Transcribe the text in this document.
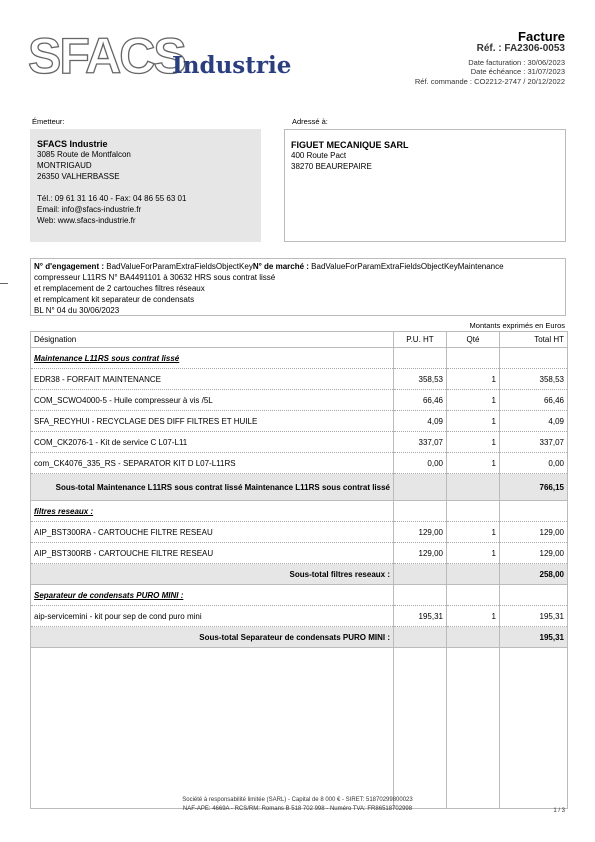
SFACS
Industrie
Facture
Réf. : FA2306-0053
Date facturation : 30/06/2023
Date échéance : 31/07/2023
Réf. commande : CO2212-2747 / 20/12/2022
Émetteur:	Adressé à:
SFACS Industrie
3085 Route de Montfalcon
MONTRIGAUD
26350 VALHERBASSE
Tél.: 09 61 31 16 40 - Fax: 04 86 55 63 01
Email: info@sfacs-industrie.fr
Web: www.sfacs-industrie.fr
FIGUET MECANIQUE SARL
400 Route Pact
38270 BEAUREPAIRE
N° d'engagement : BadValueForParamExtraFieldsObjectKeyN° de marché : BadValueForParamExtraFieldsObjectKeyMaintenance
compresseur L11RS N° BA4491101 à 30632 HRS sous contrat lissé
et remplacement de 2 cartouches filtres réseaux
et remplcament kit separateur de condensats
BL N° 04 du 30/06/2023
Montants exprimés en Euros
Désignation	P.U. HT	Qté	Total HT
Maintenance L11RS sous contrat lissé			
EDR38 - FORFAIT MAINTENANCE	358,53	1	358,53
COM_SCWO4000-5 - Huile compresseur à vis /5L	66,46	1	66,46
SFA_RECYHUI - RECYCLAGE DES DIFF FILTRES ET HUILE	4,09	1	4,09
COM_CK2076-1 - Kit de service C L07-L11	337,07	1	337,07
com_CK4076_335_RS - SEPARATOR KIT D L07-L11RS	0,00	1	0,00
Sous-total Maintenance L11RS sous contrat lissé Maintenance L11RS sous contrat lissé			766,15
filtres reseaux :			
AIP_BST300RA - CARTOUCHE FILTRE RESEAU	129,00	1	129,00
AIP_BST300RB - CARTOUCHE FILTRE RESEAU	129,00	1	129,00
Sous-total filtres reseaux :			258,00
Separateur de condensats PURO MINI :			
aip-servicemini - kit pour sep de cond puro mini	195,31	1	195,31
Sous-total Separateur de condensats PURO MINI :			195,31

Société à responsabilité limitée (SARL) - Capital de 8 000 € - SIRET: 51870299800023
NAF-APE: 4669A - RCS/RM: Romans B 518 702 998 - Numéro TVA: FR86518702998	1 / 3
